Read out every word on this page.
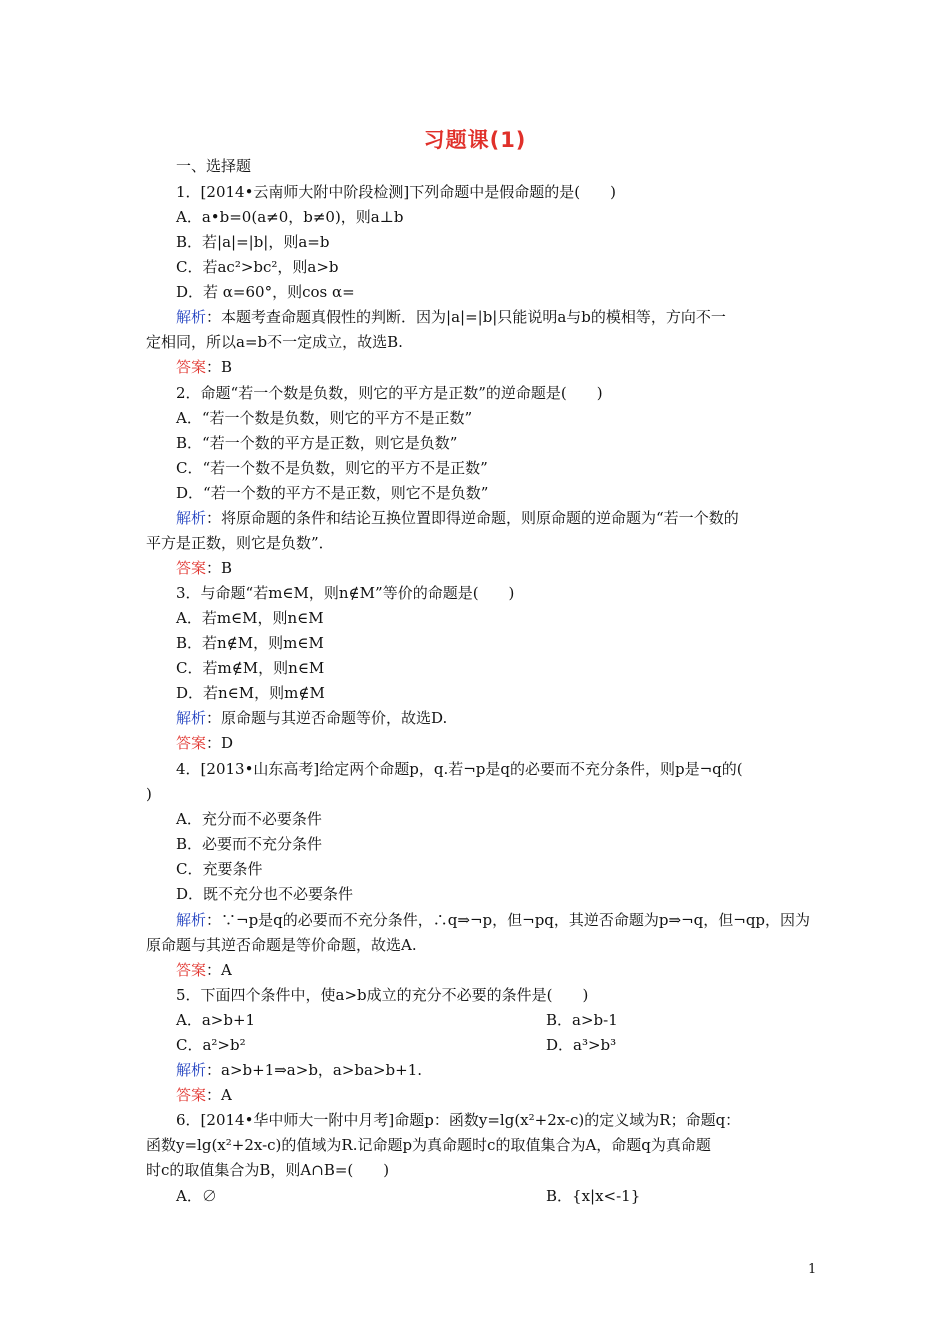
习题课(1)
一、选择题
1．[2014•云南师大附中阶段检测]下列命题中是假命题的是(　　)
A．a•b=0(a≠0，b≠0)，则a⊥b
B．若|a|=|b|，则a=b
C．若ac²>bc²，则a>b
D．若 α=60°，则cos α=
解析：本题考查命题真假性的判断．因为|a|=|b|只能说明a与b的模相等，方向不一
定相同，所以a=b不一定成立，故选B.
答案：B
2．命题“若一个数是负数，则它的平方是正数”的逆命题是(　　)
A．“若一个数是负数，则它的平方不是正数”
B．“若一个数的平方是正数，则它是负数”
C．“若一个数不是负数，则它的平方不是正数”
D．“若一个数的平方不是正数，则它不是负数”
解析：将原命题的条件和结论互换位置即得逆命题，则原命题的逆命题为“若一个数的
平方是正数，则它是负数”．
答案：B
3．与命题“若m∈M，则n∉M”等价的命题是(　　)
A．若m∈M，则n∈M
B．若n∉M，则m∈M
C．若m∉M，则n∈M
D．若n∈M，则m∉M
解析：原命题与其逆否命题等价，故选D.
答案：D
4．[2013•山东高考]给定两个命题p，q.若¬p是q的必要而不充分条件，则p是¬q的(
)
A．充分而不必要条件
B．必要而不充分条件
C．充要条件
D．既不充分也不必要条件
解析：∵¬p是q的必要而不充分条件，∴q⇒¬p，但¬pq，其逆否命题为p⇒¬q，但¬qp，因为
原命题与其逆否命题是等价命题，故选A.
答案：A
5．下面四个条件中，使a>b成立的充分不必要的条件是(　　)
A．a>b+1	B．a>b-1
C．a²>b²	D．a³>b³
解析：a>b+1⇒a>b，a>ba>b+1.
答案：A
6．[2014•华中师大一附中月考]命题p：函数y=lg(x²+2x-c)的定义域为R；命题q：
函数y=lg(x²+2x-c)的值域为R.记命题p为真命题时c的取值集合为A，命题q为真命题
时c的取值集合为B，则A∩B=(　　)
A．∅	B．{x|x<-1}
1
